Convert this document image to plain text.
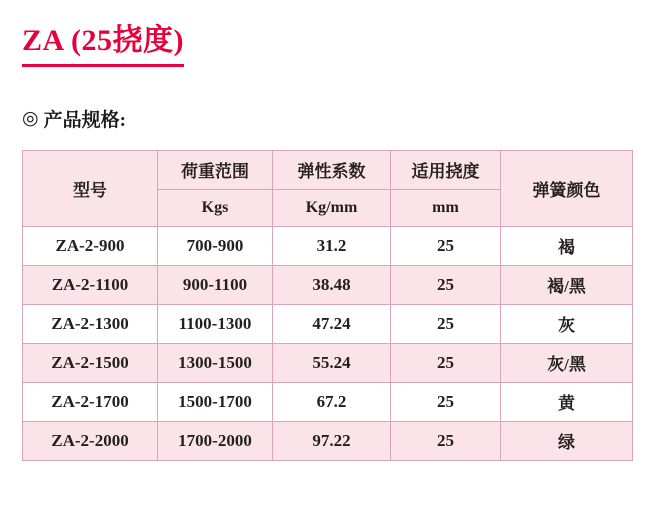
ZA (25挠度)
◎ 产品规格:
型号	荷重范围	弹性系数	适用挠度	弹簧颜色
	Kgs	Kg/mm	mm	
ZA-2-900	700-900	31.2	25	褐
ZA-2-1100	900-1100	38.48	25	褐/黑
ZA-2-1300	1100-1300	47.24	25	灰
ZA-2-1500	1300-1500	55.24	25	灰/黑
ZA-2-1700	1500-1700	67.2	25	黄
ZA-2-2000	1700-2000	97.22	25	绿
